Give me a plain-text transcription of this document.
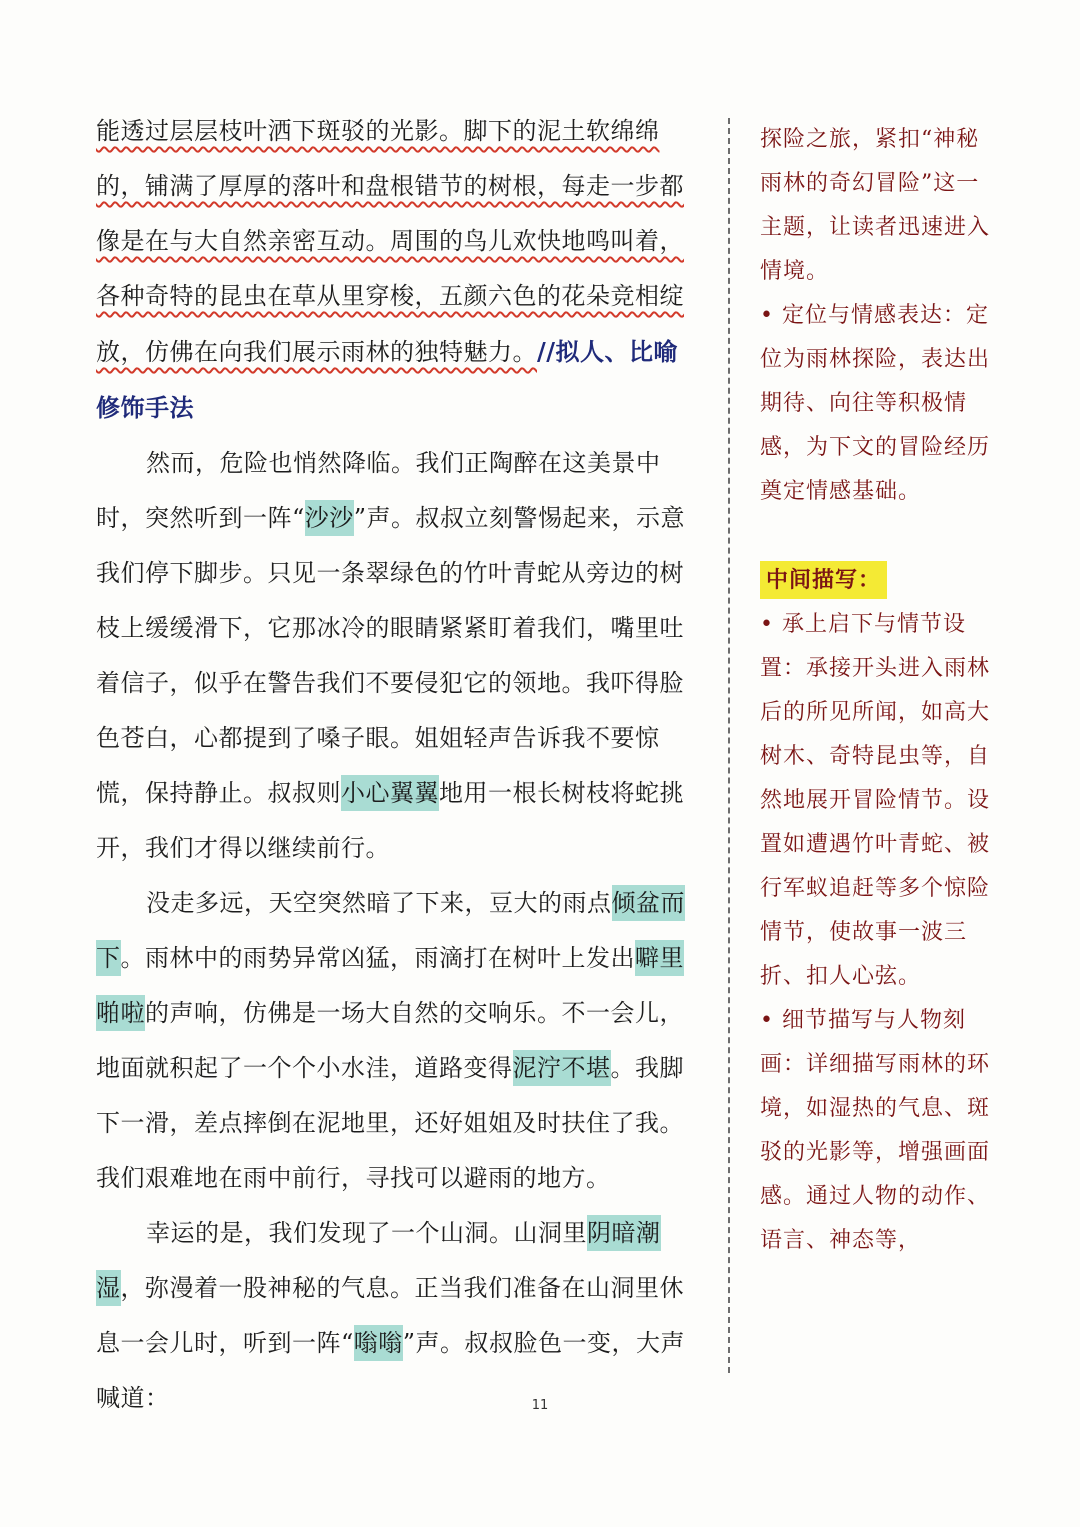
能透过层层枝叶洒下斑驳的光影。脚下的泥土软绵绵的，铺满了厚厚的落叶和盘根错节的树根，每走一步都像是在与大自然亲密互动。周围的鸟儿欢快地鸣叫着，各种奇特的昆虫在草从里穿梭，五颜六色的花朵竞相绽放，仿佛在向我们展示雨林的独特魅力。//拟人、比喻修饰手法

然而，危险也悄然降临。我们正陶醉在这美景中时，突然听到一阵“沙沙”声。叔叔立刻警惕起来，示意我们停下脚步。只见一条翠绿色的竹叶青蛇从旁边的树枝上缓缓滑下，它那冰冷的眼睛紧紧盯着我们，嘴里吐着信子，似乎在警告我们不要侵犯它的领地。我吓得脸色苍白，心都提到了嗓子眼。姐姐轻声告诉我不要惊慌，保持静止。叔叔则小心翼翼地用一根长树枝将蛇挑开，我们才得以继续前行。

没走多远，天空突然暗了下来，豆大的雨点倾盆而下。雨林中的雨势异常凶猛，雨滴打在树叶上发出噼里啪啦的声响，仿佛是一场大自然的交响乐。不一会儿，地面就积起了一个个小水洼，道路变得泥泞不堪。我脚下一滑，差点摔倒在泥地里，还好姐姐及时扶住了我。我们艰难地在雨中前行，寻找可以避雨的地方。

幸运的是，我们发现了一个山洞。山洞里阴暗潮湿，弥漫着一股神秘的气息。正当我们准备在山洞里休息一会儿时，听到一阵“嗡嗡”声。叔叔脸色一变，大声喊道：

探险之旅，紧扣“神秘雨林的奇幻冒险”这一主题，让读者迅速进入情境。

• 定位与情感表达：定位为雨林探险，表达出期待、向往等积极情感，为下文的冒险经历奠定情感基础。

中间描写：

• 承上启下与情节设置：承接开头进入雨林后的所见所闻，如高大树木、奇特昆虫等，自然地展开冒险情节。设置如遭遇竹叶青蛇、被行军蚁追赶等多个惊险情节，使故事一波三折、扣人心弦。

• 细节描写与人物刻画：详细描写雨林的环境，如湿热的气息、斑驳的光影等，增强画面感。通过人物的动作、语言、神态等，

11
